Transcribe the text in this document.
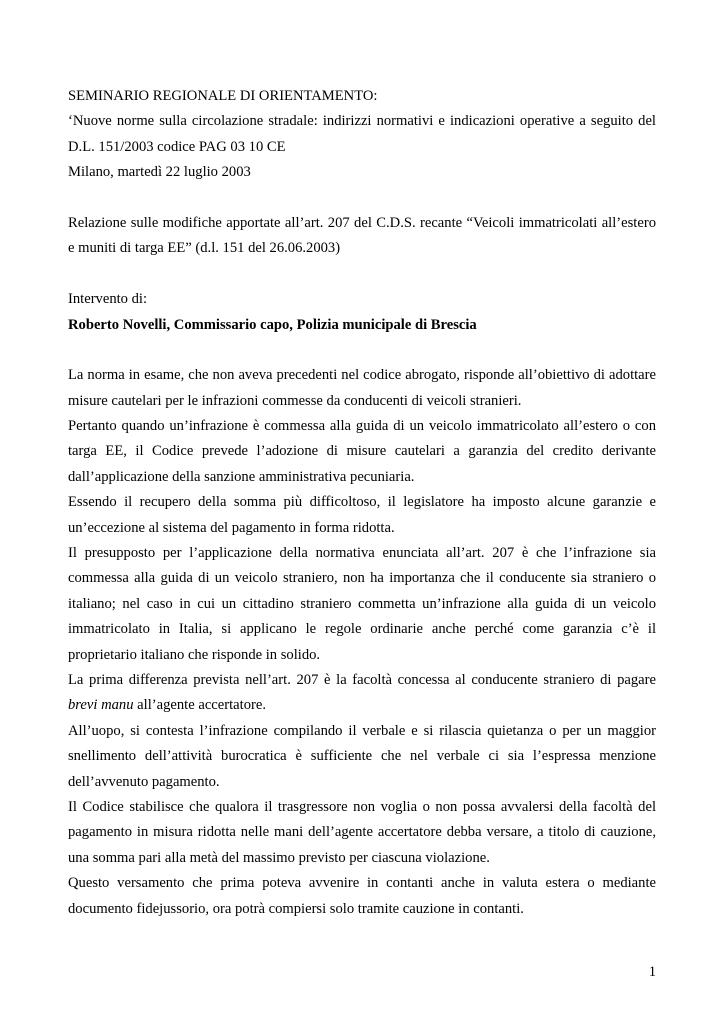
SEMINARIO REGIONALE DI ORIENTAMENTO:
‘Nuove norme sulla circolazione stradale: indirizzi normativi e indicazioni operative a seguito del
D.L. 151/2003 codice PAG 03 10 CE
Milano, martedì 22 luglio 2003
Relazione sulle modifiche apportate all’art. 207 del C.D.S. recante “Veicoli immatricolati all’estero
e muniti di targa EE” (d.l. 151 del 26.06.2003)
Intervento di:
Roberto Novelli, Commissario capo, Polizia municipale di Brescia
La norma in esame, che non aveva precedenti nel codice abrogato, risponde all’obiettivo di adottare
misure cautelari per le infrazioni commesse da conducenti di veicoli stranieri.
Pertanto quando un’infrazione è commessa alla guida di un veicolo immatricolato all’estero o con
targa EE, il Codice prevede l’adozione di misure cautelari a garanzia del credito derivante
dall’applicazione della sanzione amministrativa pecuniaria.
Essendo il recupero della somma più difficoltoso, il legislatore ha imposto alcune garanzie e
un’eccezione al sistema del pagamento in forma ridotta.
Il presupposto per l’applicazione della normativa enunciata all’art. 207 è che l’infrazione sia
commessa alla guida di un veicolo straniero, non ha importanza che il conducente sia straniero o
italiano; nel caso in cui un cittadino straniero commetta un’infrazione alla guida di un veicolo
immatricolato in Italia, si applicano le regole ordinarie anche perché come garanzia c’è il
proprietario italiano che risponde in solido.
La prima differenza prevista nell’art. 207 è la facoltà concessa al conducente straniero di pagare
brevi manu all’agente accertatore.
All’uopo, si contesta l’infrazione compilando il verbale e si rilascia quietanza o per un maggior
snellimento dell’attività burocratica è sufficiente che nel verbale ci sia l’espressa menzione
dell’avvenuto pagamento.
Il Codice stabilisce che qualora il trasgressore non voglia o non possa avvalersi della facoltà del
pagamento in misura ridotta nelle mani dell’agente accertatore debba versare, a titolo di cauzione,
una somma pari alla metà del massimo previsto per ciascuna violazione.
Questo versamento che prima poteva avvenire in contanti anche in valuta estera o mediante
documento fidejussorio, ora potrà compiersi solo tramite cauzione in contanti.
1
